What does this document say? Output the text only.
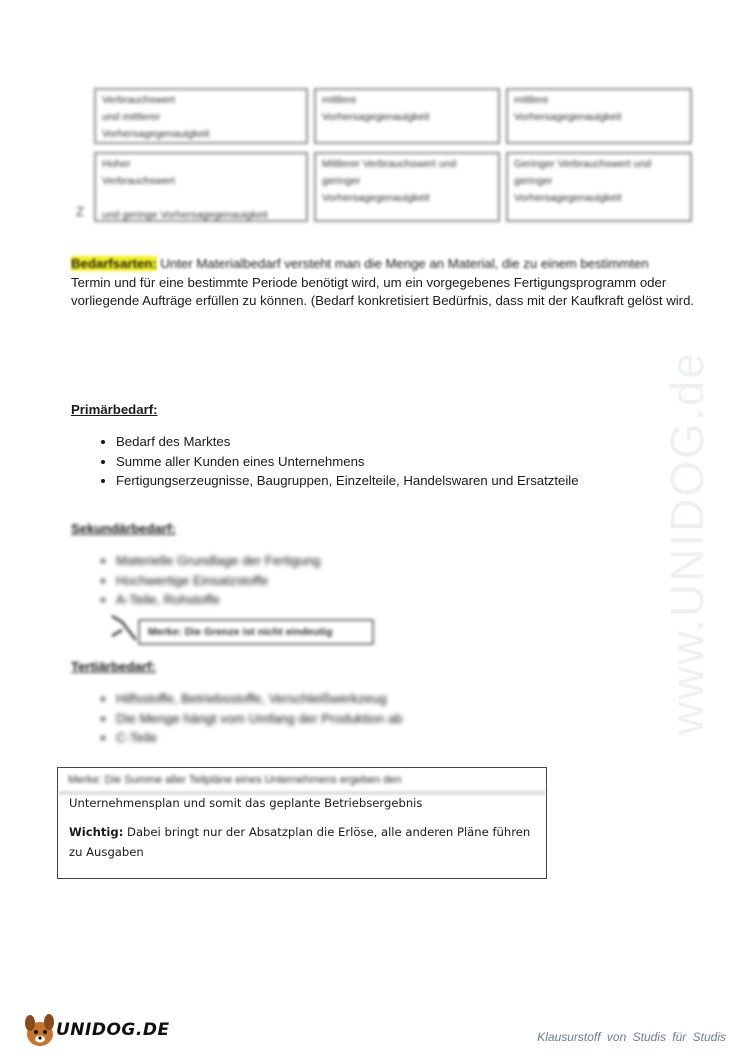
Z
Verbrauchswert
und mittlerer
Vorhersagegenauigkeit
mittlere
Vorhersagegenauigkeit
mittlere
Vorhersagegenauigkeit
Hoher
Verbrauchswert

und geringe Vorhersagegenauigkeit
Mittlerer Verbrauchswert und
geringer
Vorhersagegenauigkeit
Geringer Verbrauchswert und
geringer
Vorhersagegenauigkeit
Bedarfsarten: Unter Materialbedarf versteht man die Menge an Material, die zu einem bestimmten
Termin und für eine bestimmte Periode benötigt wird, um ein vorgegebenes Fertigungsprogramm oder vorliegende Aufträge erfüllen zu können. (Bedarf konkretisiert Bedürfnis, dass mit der Kaufkraft gelöst wird.
Primärbedarf:
• Bedarf des Marktes
• Summe aller Kunden eines Unternehmens
• Fertigungserzeugnisse, Baugruppen, Einzelteile, Handelswaren und Ersatzteile
Sekundärbedarf:
• Materielle Grundlage der Fertigung
• Hochwertige Einsatzstoffe
• A-Teile, Rohstoffe
Merke: Die Grenze ist nicht eindeutig
Tertiärbedarf:
• Hilfsstoffe, Betriebsstoffe, Verschleißwerkzeug
• Die Menge hängt vom Umfang der Produktion ab
• C-Teile
Merke: Die Summe aller Teilpläne eines Unternehmens ergeben den
Unternehmensplan und somit das geplante Betriebsergebnis
Wichtig: Dabei bringt nur der Absatzplan die Erlöse, alle anderen Pläne führen zu Ausgaben
www.UNIDOG.de
UNIDOG.DE	Klausurstoff von Studis für Studis
